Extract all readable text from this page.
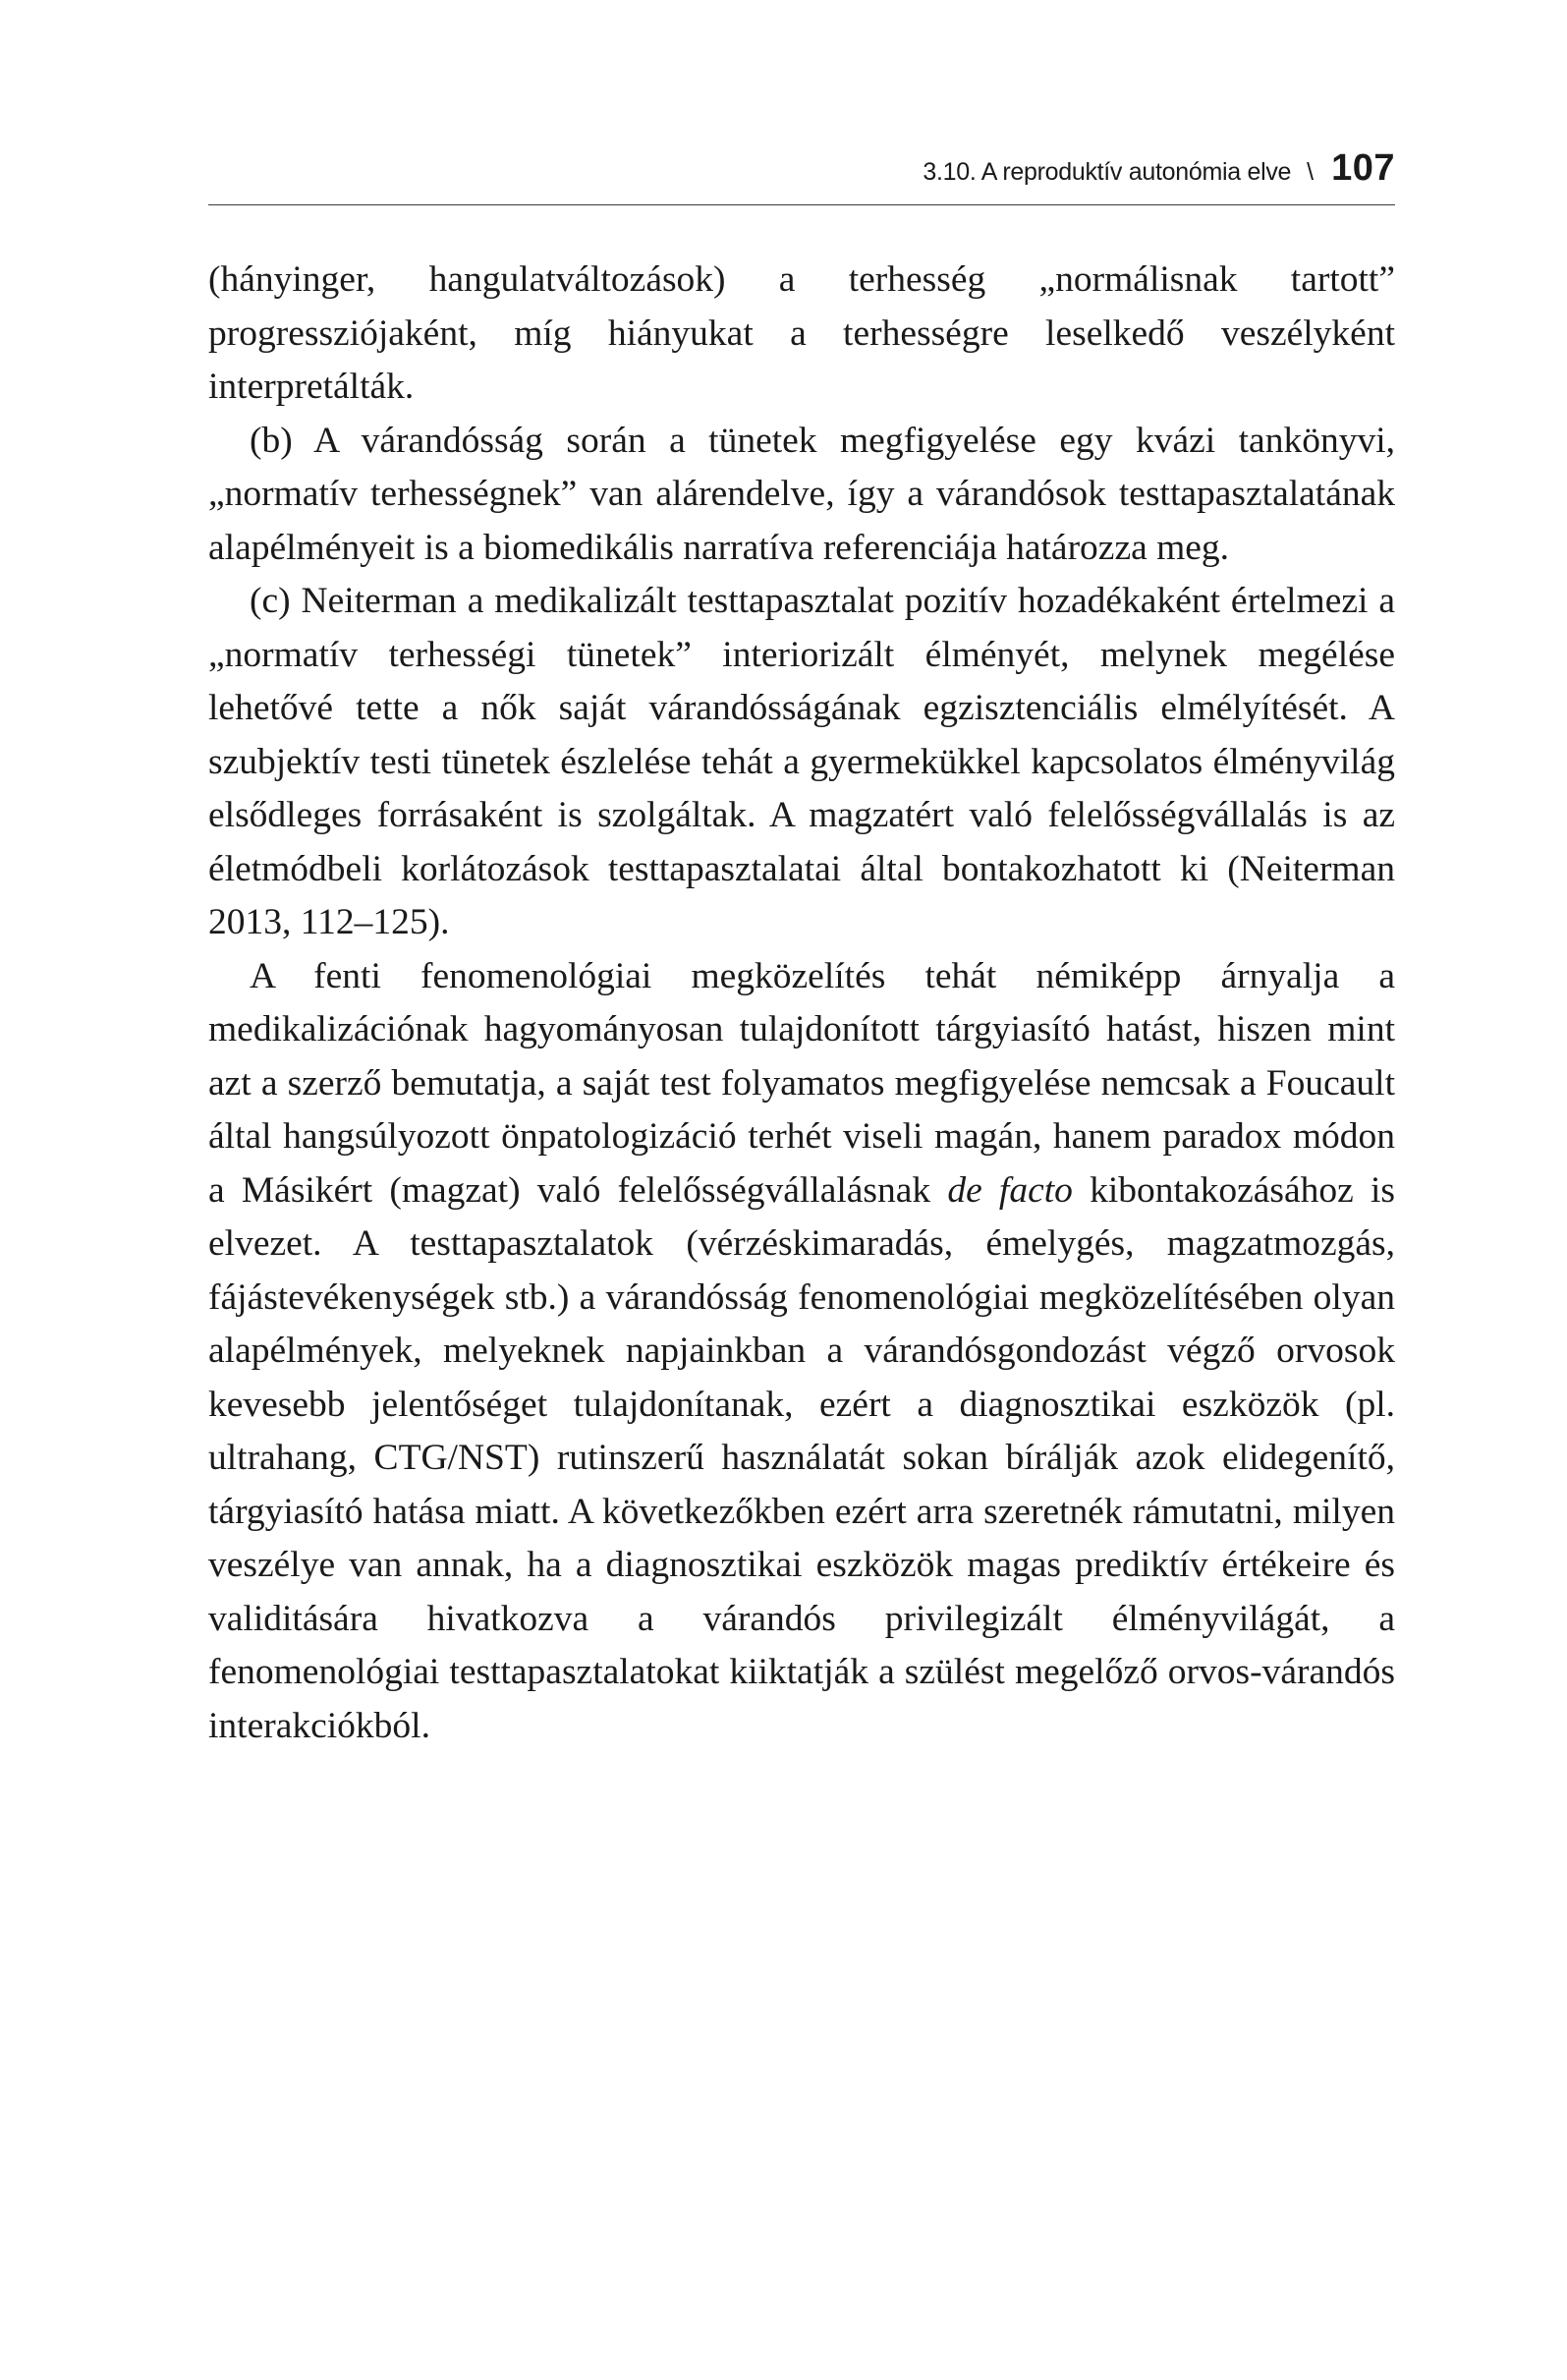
3.10. A reproduktív autonómia elve \ 107

(hányinger, hangulatváltozások) a terhesség „normálisnak tartott” progressziójaként, míg hiányukat a terhességre leselkedő veszélyként interpretálták.

(b) A várandósság során a tünetek megfigyelése egy kvázi tankönyvi, „normatív terhességnek” van alárendelve, így a várandósok testtapasztalatának alapélményeit is a biomedikális narratíva referenciája határozza meg.

(c) Neiterman a medikalizált testtapasztalat pozitív hozadékaként értelmezi a „normatív terhességi tünetek” interiorizált élményét, melynek megélése lehetővé tette a nők saját várandósságának egzisztenciális elmélyítését. A szubjektív testi tünetek észlelése tehát a gyermekükkel kapcsolatos élményvilág elsődleges forrásaként is szolgáltak. A magzatért való felelősségvállalás is az életmódbeli korlátozások testtapasztalatai által bontakozhatott ki (Neiterman 2013, 112–125).

A fenti fenomenológiai megközelítés tehát némiképp árnyalja a medikalizációnak hagyományosan tulajdonított tárgyiasító hatást, hiszen mint azt a szerző bemutatja, a saját test folyamatos megfigyelése nemcsak a Foucault által hangsúlyozott önpatologizáció terhét viseli magán, hanem paradox módon a Másikért (magzat) való felelősségvállalásnak de facto kibontakozásához is elvezet. A testtapasztalatok (vérzéskimaradás, émelygés, magzatmozgás, fájástevékenységek stb.) a várandósság fenomenológiai megközelítésében olyan alapélmények, melyeknek napjainkban a várandósgondozást végző orvosok kevesebb jelentőséget tulajdonítanak, ezért a diagnosztikai eszközök (pl. ultrahang, CTG/NST) rutinszerű használatát sokan bírálják azok elidegenítő, tárgyiasító hatása miatt. A következőkben ezért arra szeretnék rámutatni, milyen veszélye van annak, ha a diagnosztikai eszközök magas prediktív értékeire és validitására hivatkozva a várandós privilegizált élményvilágát, a fenomenológiai testtapasztalatokat kiiktatják a szülést megelőző orvos-várandós interakciókból.
